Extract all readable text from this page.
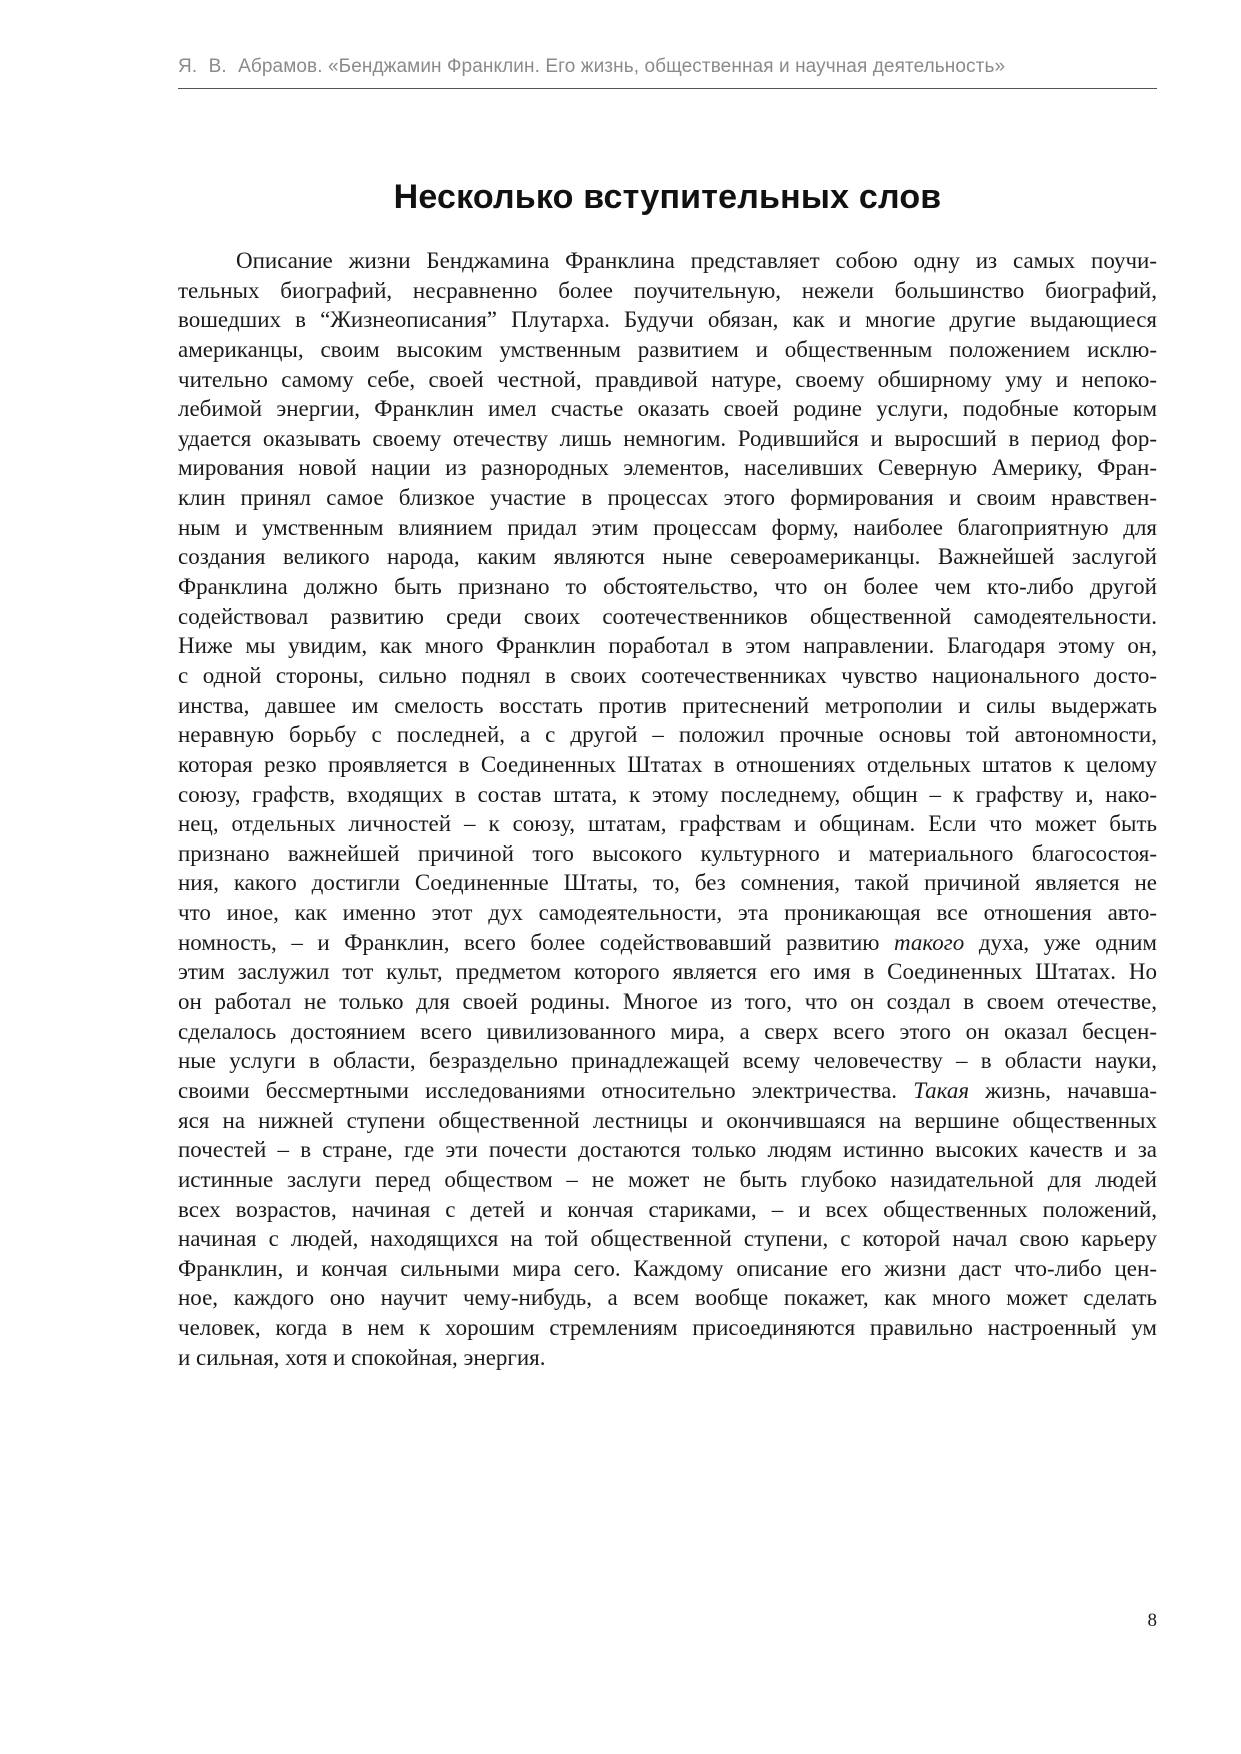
Я. В. Абрамов. «Бенджамин Франклин. Его жизнь, общественная и научная деятельность»
Несколько вступительных слов
Описание жизни Бенджамина Франклина представляет собою одну из самых поучи-
тельных биографий, несравненно более поучительную, нежели большинство биографий,
вошедших в “Жизнеописания” Плутарха. Будучи обязан, как и многие другие выдающиеся
американцы, своим высоким умственным развитием и общественным положением исклю-
чительно самому себе, своей честной, правдивой натуре, своему обширному уму и непоко-
лебимой энергии, Франклин имел счастье оказать своей родине услуги, подобные которым
удается оказывать своему отечеству лишь немногим. Родившийся и выросший в период фор-
мирования новой нации из разнородных элементов, населивших Северную Америку, Фран-
клин принял самое близкое участие в процессах этого формирования и своим нравствен-
ным и умственным влиянием придал этим процессам форму, наиболее благоприятную для
создания великого народа, каким являются ныне североамериканцы. Важнейшей заслугой
Франклина должно быть признано то обстоятельство, что он более чем кто-либо другой
содействовал развитию среди своих соотечественников общественной самодеятельности.
Ниже мы увидим, как много Франклин поработал в этом направлении. Благодаря этому он,
с одной стороны, сильно поднял в своих соотечественниках чувство национального досто-
инства, давшее им смелость восстать против притеснений метрополии и силы выдержать
неравную борьбу с последней, а с другой – положил прочные основы той автономности,
которая резко проявляется в Соединенных Штатах в отношениях отдельных штатов к целому
союзу, графств, входящих в состав штата, к этому последнему, общин – к графству и, нако-
нец, отдельных личностей – к союзу, штатам, графствам и общинам. Если что может быть
признано важнейшей причиной того высокого культурного и материального благосостоя-
ния, какого достигли Соединенные Штаты, то, без сомнения, такой причиной является не
что иное, как именно этот дух самодеятельности, эта проникающая все отношения авто-
номность, – и Франклин, всего более содействовавший развитию такого духа, уже одним
этим заслужил тот культ, предметом которого является его имя в Соединенных Штатах. Но
он работал не только для своей родины. Многое из того, что он создал в своем отечестве,
сделалось достоянием всего цивилизованного мира, а сверх всего этого он оказал бесцен-
ные услуги в области, безраздельно принадлежащей всему человечеству – в области науки,
своими бессмертными исследованиями относительно электричества. Такая жизнь, начавша-
яся на нижней ступени общественной лестницы и окончившаяся на вершине общественных
почестей – в стране, где эти почести достаются только людям истинно высоких качеств и за
истинные заслуги перед обществом – не может не быть глубоко назидательной для людей
всех возрастов, начиная с детей и кончая стариками, – и всех общественных положений,
начиная с людей, находящихся на той общественной ступени, с которой начал свою карьеру
Франклин, и кончая сильными мира сего. Каждому описание его жизни даст что-либо цен-
ное, каждого оно научит чему-нибудь, а всем вообще покажет, как много может сделать
человек, когда в нем к хорошим стремлениям присоединяются правильно настроенный ум
и сильная, хотя и спокойная, энергия.
8
